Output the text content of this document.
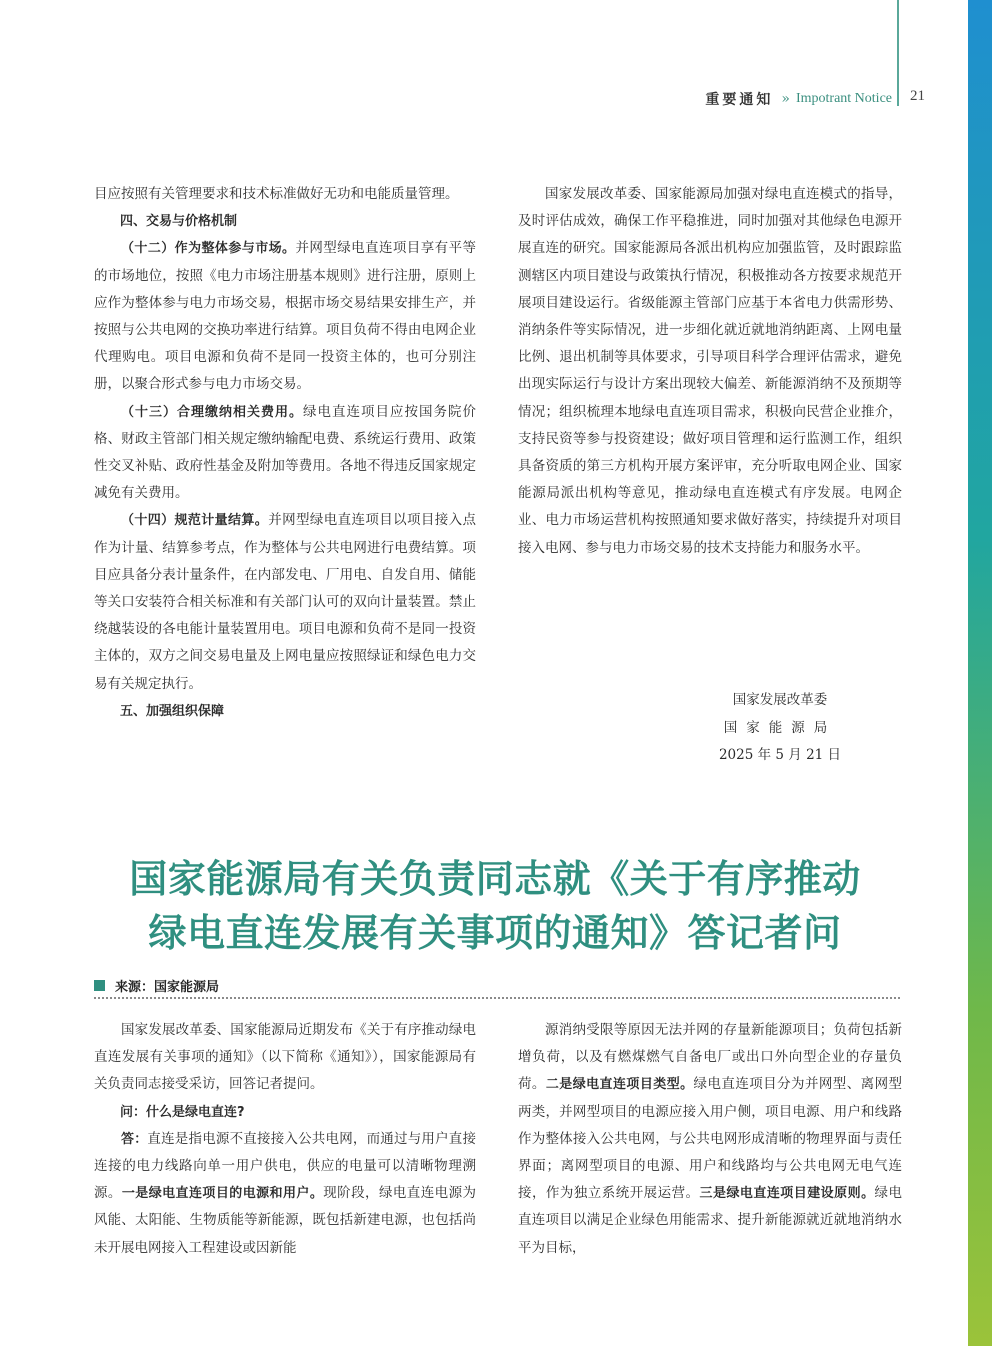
重要通知 » Impotrant Notice 21

目应按照有关管理要求和技术标准做好无功和电能质量管理。

四、交易与价格机制

（十二）作为整体参与市场。并网型绿电直连项目享有平等的市场地位，按照《电力市场注册基本规则》进行注册，原则上应作为整体参与电力市场交易，根据市场交易结果安排生产，并按照与公共电网的交换功率进行结算。项目负荷不得由电网企业代理购电。项目电源和负荷不是同一投资主体的，也可分别注册，以聚合形式参与电力市场交易。

（十三）合理缴纳相关费用。绿电直连项目应按国务院价格、财政主管部门相关规定缴纳输配电费、系统运行费用、政策性交叉补贴、政府性基金及附加等费用。各地不得违反国家规定减免有关费用。

（十四）规范计量结算。并网型绿电直连项目以项目接入点作为计量、结算参考点，作为整体与公共电网进行电费结算。项目应具备分表计量条件，在内部发电、厂用电、自发自用、储能等关口安装符合相关标准和有关部门认可的双向计量装置。禁止绕越装设的各电能计量装置用电。项目电源和负荷不是同一投资主体的，双方之间交易电量及上网电量应按照绿证和绿色电力交易有关规定执行。

五、加强组织保障

国家发展改革委、国家能源局加强对绿电直连模式的指导，及时评估成效，确保工作平稳推进，同时加强对其他绿色电源开展直连的研究。国家能源局各派出机构应加强监管，及时跟踪监测辖区内项目建设与政策执行情况，积极推动各方按要求规范开展项目建设运行。省级能源主管部门应基于本省电力供需形势、消纳条件等实际情况，进一步细化就近就地消纳距离、上网电量比例、退出机制等具体要求，引导项目科学合理评估需求，避免出现实际运行与设计方案出现较大偏差、新能源消纳不及预期等情况；组织梳理本地绿电直连项目需求，积极向民营企业推介，支持民资等参与投资建设；做好项目管理和运行监测工作，组织具备资质的第三方机构开展方案评审，充分听取电网企业、国家能源局派出机构等意见，推动绿电直连模式有序发展。电网企业、电力市场运营机构按照通知要求做好落实，持续提升对项目接入电网、参与电力市场交易的技术支持能力和服务水平。

国家发展改革委
国家能源局
2025 年 5 月 21 日
国家能源局有关负责同志就《关于有序推动
绿电直连发展有关事项的通知》答记者问
来源：国家能源局

国家发展改革委、国家能源局近期发布《关于有序推动绿电直连发展有关事项的通知》（以下简称《通知》），国家能源局有关负责同志接受采访，回答记者提问。

问：什么是绿电直连?

答：直连是指电源不直接接入公共电网，而通过与用户直接连接的电力线路向单一用户供电，供应的电量可以清晰物理溯源。一是绿电直连项目的电源和用户。现阶段，绿电直连电源为风能、太阳能、生物质能等新能源，既包括新建电源，也包括尚未开展电网接入工程建设或因新能

源消纳受限等原因无法并网的存量新能源项目；负荷包括新增负荷，以及有燃煤燃气自备电厂或出口外向型企业的存量负荷。二是绿电直连项目类型。绿电直连项目分为并网型、离网型两类，并网型项目的电源应接入用户侧，项目电源、用户和线路作为整体接入公共电网，与公共电网形成清晰的物理界面与责任界面；离网型项目的电源、用户和线路均与公共电网无电气连接，作为独立系统开展运营。三是绿电直连项目建设原则。绿电直连项目以满足企业绿色用能需求、提升新能源就近就地消纳水平为目标，
